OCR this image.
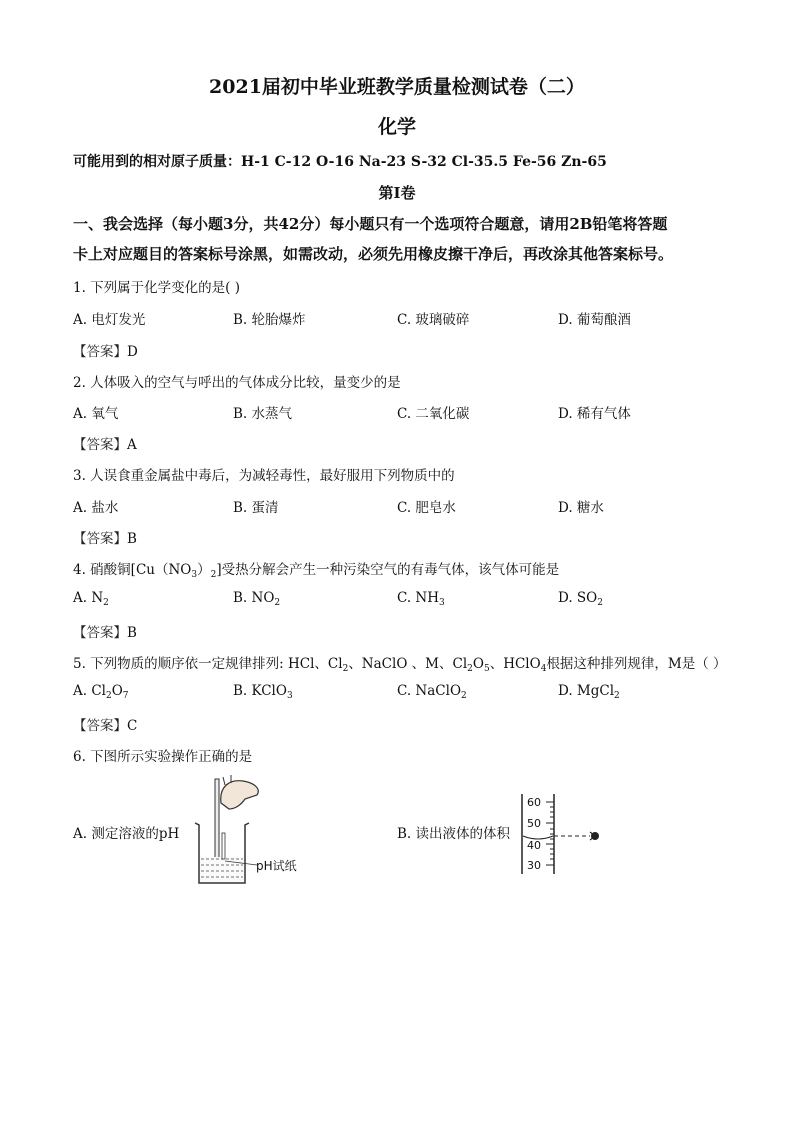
2021届初中毕业班教学质量检测试卷（二）
化学
可能用到的相对原子质量：H-1 C-12 O-16 Na-23 S-32 Cl-35.5 Fe-56 Zn-65
第I卷
一、我会选择（每小题3分，共42分）每小题只有一个选项符合题意，请用2B铅笔将答题
卡上对应题目的答案标号涂黑，如需改动，必须先用橡皮擦干净后，再改涂其他答案标号。
1. 下列属于化学变化的是( )
A. 电灯发光	B. 轮胎爆炸	C. 玻璃破碎	D. 葡萄酿酒
【答案】D
2. 人体吸入的空气与呼出的气体成分比较，量变少的是
A. 氧气	B. 水蒸气	C. 二氧化碳	D. 稀有气体
【答案】A
3. 人误食重金属盐中毒后，为减轻毒性，最好服用下列物质中的
A. 盐水	B. 蛋清	C. 肥皂水	D. 糖水
【答案】B
4. 硝酸铜$[Cu(NO_3)_2]$受热分解会产生一种污染空气的有毒气体，该气体可能是
A. $N_2$	B. $NO_2$	C. $NH_3$	D. $SO_2$
【答案】B
5. 下列物质的顺序依一定规律排列: HCl、$Cl_2$、NaClO 、M、$Cl_2O_5$、HClO$_4$根据这种排列规律，M是（ ）
A. $Cl_2O_7$	B. KClO$_3$	C. NaClO$_2$	D. MgCl$_2$
【答案】C
6. 下图所示实验操作正确的是
A. 测定溶液的pH	B. 读出液体的体积
pH试纸
60
50
40
30
